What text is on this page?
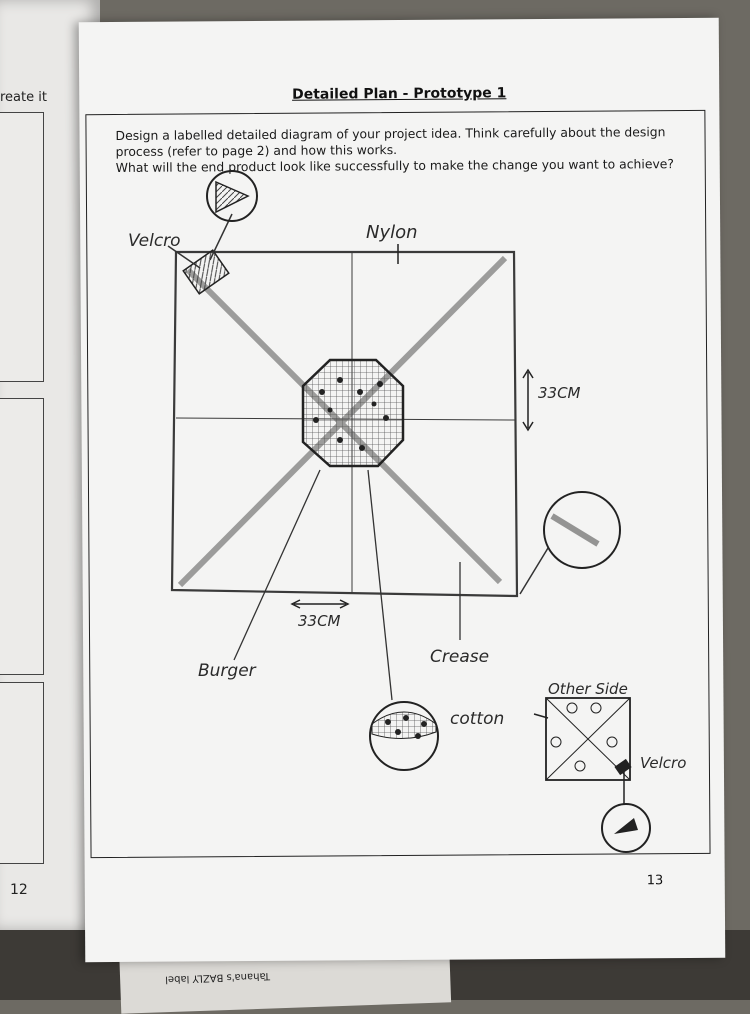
reate it
12
Detailed Plan - Prototype 1

Design a labelled detailed diagram of your project idea. Think carefully about the design process (refer to page 2) and how this works.

What will the end product look like successfully to make the change you want to achieve?

13
Velcro	Nylon
33CM
33CM
Burger
Crease
cotton
Other Side
Velcro
Tahana's BAZLY label
